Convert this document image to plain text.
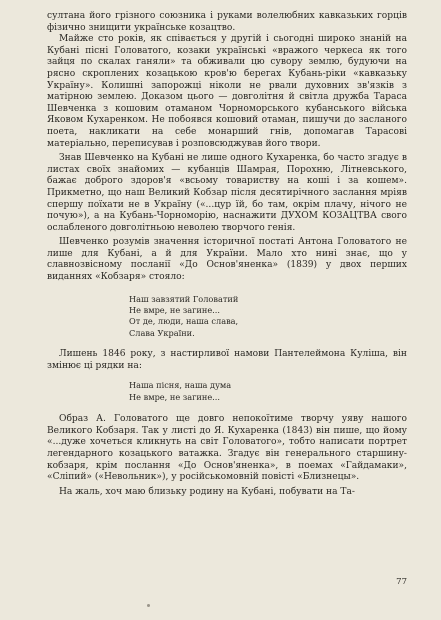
султана його грізного союзника і руками волелюбних кавказьких горців фізично знищити українське козацтво.

Майже сто років, як співається у другій і сьогодні широко знаній на Кубані пісні Головатого, козаки українські «вражого черкеса як того зайця по скалах ганяли» та обживали цю сувору землю, будуючи на рясно скроплених козацькою кров'ю берегах Кубань-ріки «кавказьку Україну». Колишні запорожці ніколи не рвали духовних зв'язків з матірною землею. Доказом цього — довголітня й світла дружба Тараса Шевченка з кошовим отаманом Чорноморського кубанського війська Яковом Кухаренком. Не побоявся кошовий отаман, пишучи до засланого поета, накликати на себе монарший гнів, допомагав Тарасові матеріально, переписував і розповсюджував його твори.

Знав Шевченко на Кубані не лише одного Кухаренка, бо часто згадує в листах своїх знайомих — кубанців Шамрая, Порохню, Літневського, бажає доброго здоров'я «всьому товариству на коші і за кошем». Прикметно, що наш Великий Кобзар після десятирічного заслання мріяв спершу поїхати не в Україну («...цур їй, бо там, окрім плачу, нічого не почую»), а на Кубань-Чорноморію, наснажити ДУХОМ КОЗАЦТВА свого ослабленого довголітньою неволею творчого генія.

Шевченко розумів значення історичної постаті Антона Головатого не лише для Кубані, а й для України. Мало хто нині знає, що у славнозвісному посланії «До Основ'яненка» (1839) у двох перших виданнях «Кобзаря» стояло:

Наш завзятий Головатий
Не вмре, не загине...
От де, люди, наша слава,
Слава України.

Лишень 1846 року, з настирливої намови Пантелеймона Куліша, він змінює ці рядки на:

Наша пісня, наша дума
Не вмре, не загине...

Образ А. Головатого ще довго непокоїтиме творчу уяву нашого Великого Кобзаря. Так у листі до Я. Кухаренка (1843) він пише, що йому «...дуже хочеться кликнуть на світ Головатого», тобто написати портрет легендарного козацького ватажка. Згадує він генерального старшину-кобзаря, крім послання «До Основ'яненка», в поемах «Гайдамаки», «Сліпий» («Невольник»), у російськомовній повісті «Близнецы».

На жаль, хоч маю близьку родину на Кубані, побувати на Та-

77
